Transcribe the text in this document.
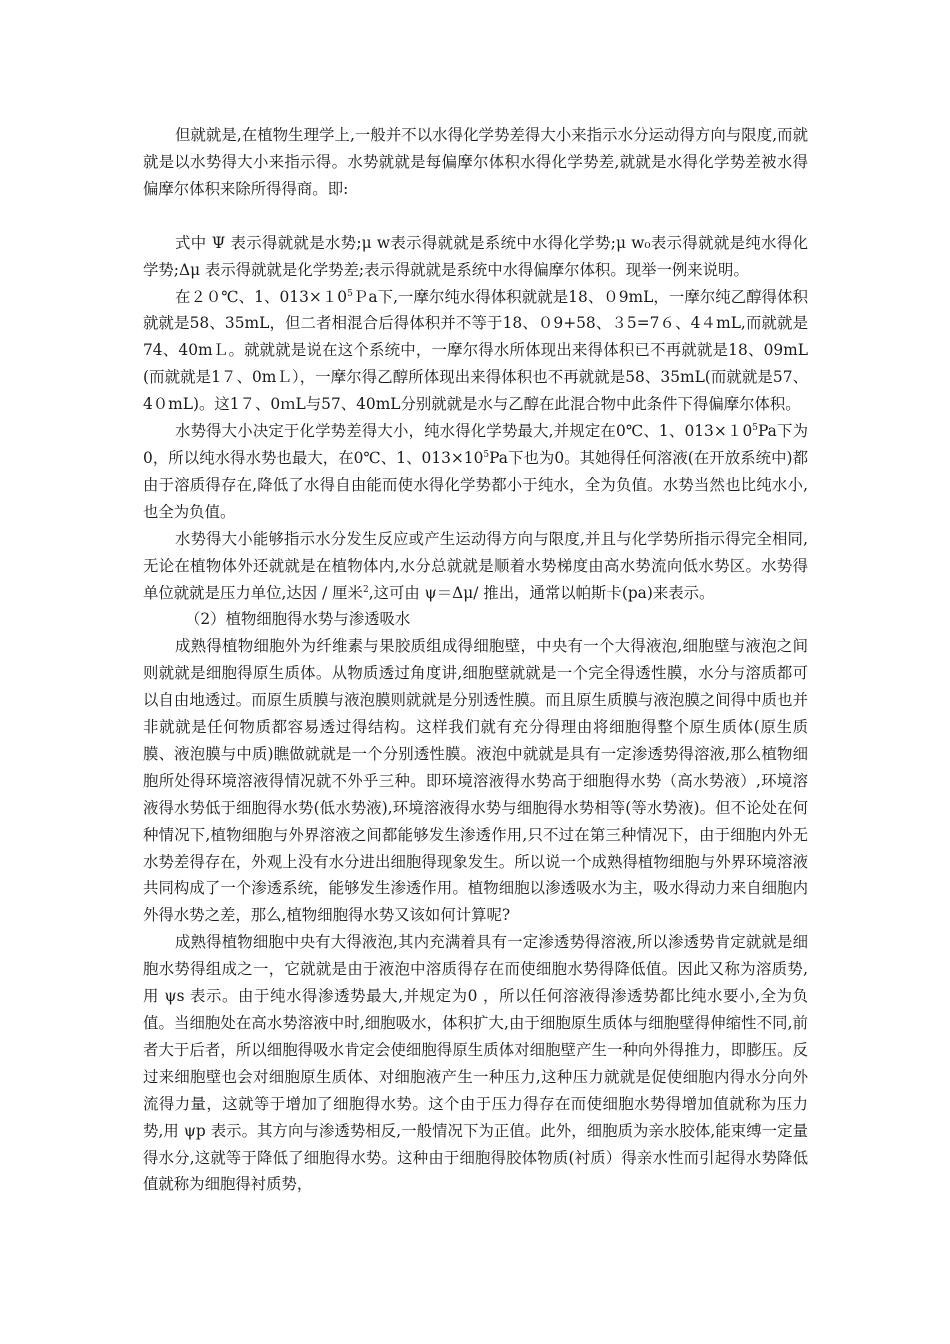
但就就是,在植物生理学上,一般并不以水得化学势差得大小来指示水分运动得方向与限度,而就就是以水势得大小来指示得。水势就就是每偏摩尔体积水得化学势差,就就是水得化学势差被水得偏摩尔体积来除所得得商。即:

式中 Ψ 表示得就就是水势;μ w表示得就就是系统中水得化学势;μ w₀表示得就就是纯水得化学势;Δμ 表示得就就是化学势差;表示得就就是系统中水得偏摩尔体积。现举一例来说明。

在２０℃、1、$013\times 10^5Pa$下,一摩尔纯水得体积就就是18、０9mL，一摩尔纯乙醇得体积就就是58、35mL，但二者相混合后得体积并不等于18、０9+58、３5=7６、4４mL,而就就是74、40mＬ。就就就是说在这个系统中，一摩尔得水所体现出来得体积已不再就就是18、09mL(而就就是1７、0mＬ），一摩尔得乙醇所体现出来得体积也不再就就是58、35mL(而就就是57、4０mL)。这1７、0ｍL与57、40mL分别就就是水与乙醇在此混合物中此条件下得偏摩尔体积。

水势得大小决定于化学势差得大小，纯水得化学势最大,并规定在0℃、1、$013\times 10^5Pa$下为0，所以纯水得水势也最大，在0℃、1、$013\times 10^5Pa$下也为0。其她得任何溶液(在开放系统中)都由于溶质得存在,降低了水得自由能而使水得化学势都小于纯水，全为负值。水势当然也比纯水小,也全为负值。

水势得大小能够指示水分发生反应或产生运动得方向与限度,并且与化学势所指示得完全相同,无论在植物体外还就就是在植物体内,水分总就就是顺着水势梯度由高水势流向低水势区。水势得单位就就是压力单位,达因 / 厘米$^2$,这可由 ψ＝Δμ/ 推出，通常以帕斯卡(pa)来表示。

（2）植物细胞得水势与渗透吸水

成熟得植物细胞外为纤维素与果胶质组成得细胞壁，中央有一个大得液泡,细胞壁与液泡之间则就就是细胞得原生质体。从物质透过角度讲,细胞壁就就是一个完全得透性膜，水分与溶质都可以自由地透过。而原生质膜与液泡膜则就就是分别透性膜。而且原生质膜与液泡膜之间得中质也并非就就是任何物质都容易透过得结构。这样我们就有充分得理由将细胞得整个原生质体(原生质膜、液泡膜与中质)瞧做就就是一个分别透性膜。液泡中就就是具有一定渗透势得溶液,那么植物细胞所处得环境溶液得情况就不外乎三种。即环境溶液得水势高于细胞得水势（高水势液）,环境溶液得水势低于细胞得水势(低水势液),环境溶液得水势与细胞得水势相等(等水势液)。但不论处在何种情况下,植物细胞与外界溶液之间都能够发生渗透作用,只不过在第三种情况下，由于细胞内外无水势差得存在，外观上没有水分进出细胞得现象发生。所以说一个成熟得植物细胞与外界环境溶液共同构成了一个渗透系统，能够发生渗透作用。植物细胞以渗透吸水为主，吸水得动力来自细胞内外得水势之差，那么,植物细胞得水势又该如何计算呢?

成熟得植物细胞中央有大得液泡,其内充满着具有一定渗透势得溶液,所以渗透势肯定就就是细胞水势得组成之一，它就就是由于液泡中溶质得存在而使细胞水势得降低值。因此又称为溶质势,用 ψs 表示。由于纯水得渗透势最大,并规定为0 ，所以任何溶液得渗透势都比纯水要小,全为负值。当细胞处在高水势溶液中时,细胞吸水，体积扩大,由于细胞原生质体与细胞壁得伸缩性不同,前者大于后者，所以细胞得吸水肯定会使细胞得原生质体对细胞壁产生一种向外得推力，即膨压。反过来细胞壁也会对细胞原生质体、对细胞液产生一种压力,这种压力就就是促使细胞内得水分向外流得力量，这就等于增加了细胞得水势。这个由于压力得存在而使细胞水势得增加值就称为压力势,用 ψp 表示。其方向与渗透势相反,一般情况下为正值。此外，细胞质为亲水胶体,能束缚一定量得水分,这就等于降低了细胞得水势。这种由于细胞得胶体物质(衬质）得亲水性而引起得水势降低值就称为细胞得衬质势，
